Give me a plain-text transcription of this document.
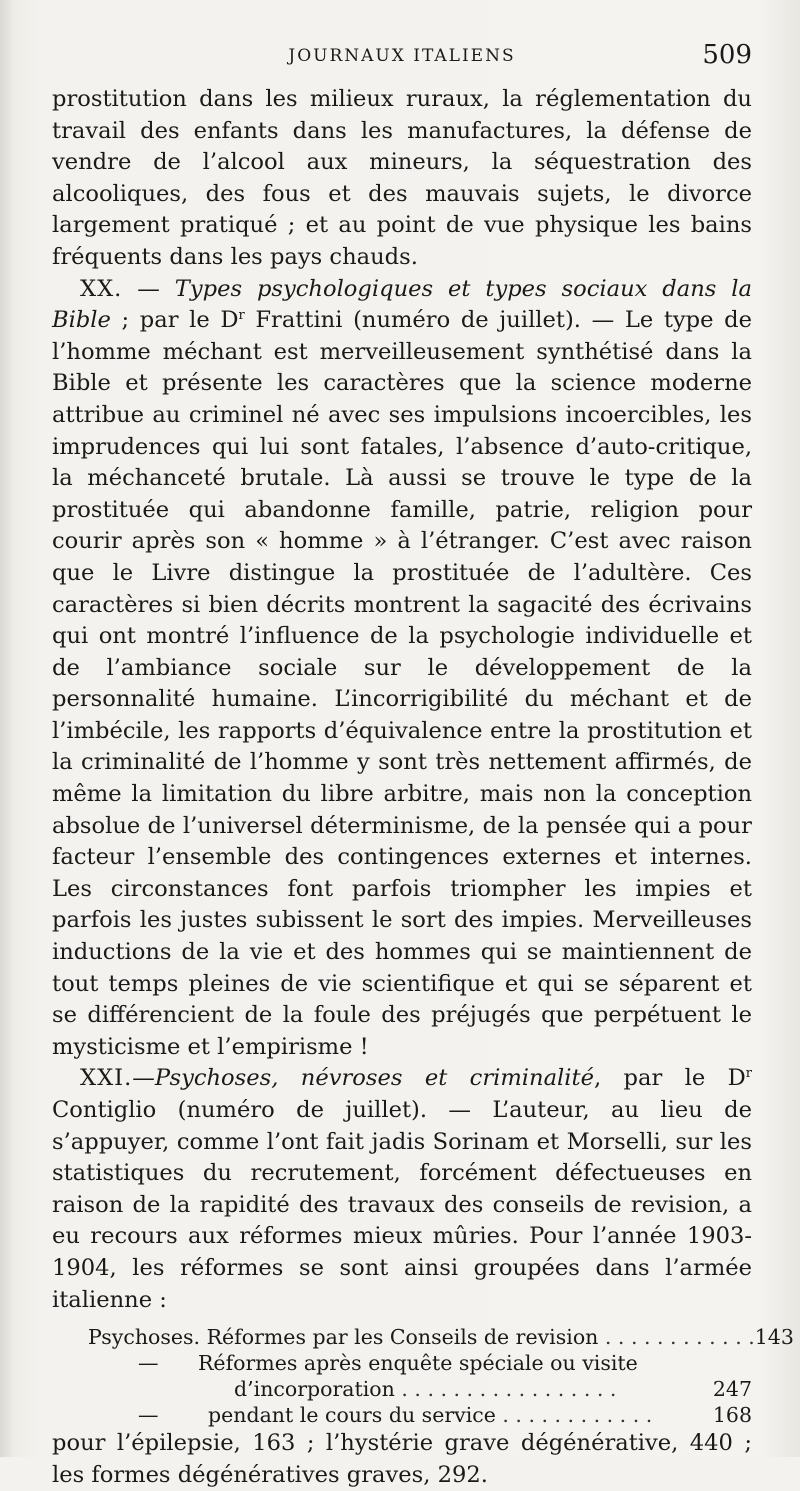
JOURNAUX ITALIENS	509

prostitution dans les milieux ruraux, la réglementation du travail des enfants dans les manufactures, la défense de vendre de l’alcool aux mineurs, la séquestration des alcooliques, des fous et des mauvais sujets, le divorce largement pratiqué ; et au point de vue physique les bains fréquents dans les pays chauds.

XX. — Types psychologiques et types sociaux dans la Bible ; par le $D^r$ Frattini (numéro de juillet). — Le type de l’homme méchant est merveilleusement synthétisé dans la Bible et présente les caractères que la science moderne attribue au criminel né avec ses impulsions incoercibles, les imprudences qui lui sont fatales, l’absence d’auto-critique, la méchanceté brutale. Là aussi se trouve le type de la prostituée qui abandonne famille, patrie, religion pour courir après son « homme » à l’étranger. C’est avec raison que le Livre distingue la prostituée de l’adultère. Ces caractères si bien décrits montrent la sagacité des écrivains qui ont montré l’influence de la psychologie individuelle et de l’ambiance sociale sur le développement de la personnalité humaine. L’incorrigibilité du méchant et de l’imbécile, les rapports d’équivalence entre la prostitution et la criminalité de l’homme y sont très nettement affirmés, de même la limitation du libre arbitre, mais non la conception absolue de l’universel déterminisme, de la pensée qui a pour facteur l’ensemble des contingences externes et internes. Les circonstances font parfois triompher les impies et parfois les justes subissent le sort des impies. Merveilleuses inductions de la vie et des hommes qui se maintiennent de tout temps pleines de vie scientifique et qui se séparent et se différencient de la foule des préjugés que perpétuent le mysticisme et l’empirisme !

XXI.—Psychoses, névroses et criminalité, par le $D^r$ Contiglio (numéro de juillet). — L’auteur, au lieu de s’appuyer, comme l’ont fait jadis Sorinam et Morselli, sur les statistiques du recrutement, forcément défectueuses en raison de la rapidité des travaux des conseils de revision, a eu recours aux réformes mieux mûries. Pour l’année 1903-1904, les réformes se sont ainsi groupées dans l’armée italienne :

Psychoses. Réformes par les Conseils de revision . . . . . . . . . . . . 143
—	Réformes après enquête spéciale ou visite
d’incorporation . . . . . . . . . . . . . . . . .	247
—	pendant le cours du service . . . . . . . . . . . .	168

pour l’épilepsie, 163 ; l’hystérie grave dégénérative, 440 ; les formes dégénératives graves, 292.
